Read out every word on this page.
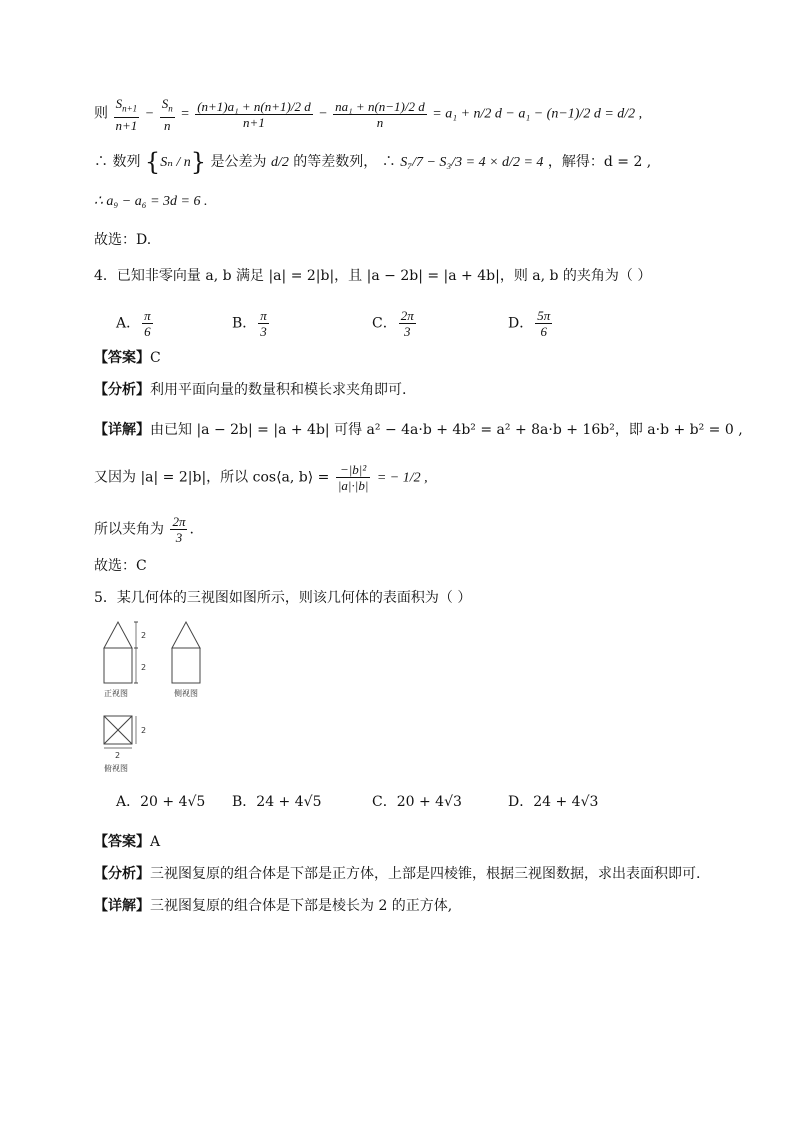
则 $\frac{S_{n+1}}{n+1} - \frac{S_n}{n} = \frac{\text{(n+1)a₁ + n(n+1)/2 d}}{n+1} - \frac{\text{na₁ + n(n−1)/2 d}}{n} = a_1 + n/2$ d − a₁ − (n−1)/2 d = d/2 ,
∴ 数列 {Sₙ / n} 是公差为 d/2 的等差数列， ∴ S₇/7 − S₃/3 = 4 × d/2 = 4 ，解得：d = 2 ,
∴ a₉ − a₆ = 3d = 6 .
故选：D.
4．已知非零向量 a, b 满足 |a| = 2|b|，且 |a − 2b| = |a + 4b|，则 a, b 的夹角为（ ）
A． $\frac{\pi}{6}$	B． $\frac{\pi}{3}$	C． $\frac{2\pi}{3}$	D． $\frac{5\pi}{6}$
【答案】C
【分析】利用平面向量的数量积和模长求夹角即可.
【详解】由已知 |a − 2b| = |a + 4b| 可得 a² − 4a·b + 4b² = a² + 8a·b + 16b²，即 a·b + b² = 0 ,
又因为 |a| = 2|b|，所以 cos⟨a, b⟩ = $\frac{\text{−|b|²}}{|a|\cdot|b|}$ = − 1/2 ,
所以夹角为 $\frac{2\pi}{3}$ .
故选：C
5．某几何体的三视图如图所示，则该几何体的表面积为（ ）
2
2
正视图	侧视图
2
2
俯视图
A．20 + 4√5 B．24 + 4√5	C．20 + 4√3	D．24 + 4√3
【答案】A
【分析】三视图复原的组合体是下部是正方体，上部是四棱锥，根据三视图数据，求出表面积即可.
【详解】三视图复原的组合体是下部是棱长为 2 的正方体,
